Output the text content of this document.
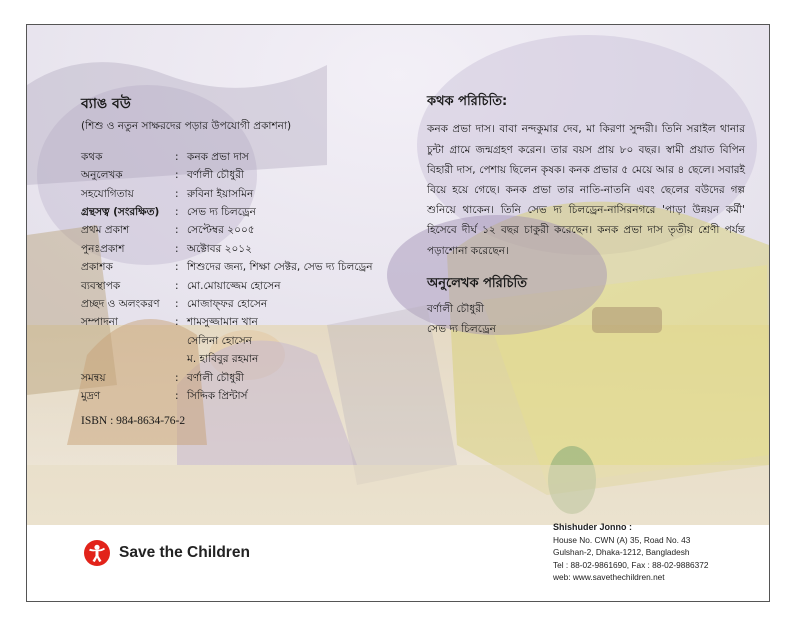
ব্যাঙ বউ
(শিশু ও নতুন সাক্ষরদের পড়ার উপযোগী প্রকাশনা)
কথক	: কনক প্রভা দাস
অনুলেখক	: বর্ণালী চৌধুরী
সহযোগিতায়	: রুবিনা ইয়াসমিন
গ্রন্থসত্ব (সংরক্ষিত)	: সেভ দ্য চিলড্রেন
প্রথম প্রকাশ	: সেপ্টেম্বর ২০০৫
পুনঃপ্রকাশ	: অক্টোবর ২০১২
প্রকাশক	: শিশুদের জন্য, শিক্ষা সেক্টর, সেভ দ্য চিলড্রেন
ব্যবস্থাপক	: মো.মোয়াজ্জেম হোসেন
প্রচ্ছদ ও অলংকরণ	: মোজাফ্ফর হোসেন
সম্পাদনা	: শামসুজ্জামান খান
সেলিনা হোসেন
ম. হাবিবুর রহমান
সমন্বয়	: বর্ণালী চৌধুরী
মুদ্রণ	: সিদ্দিক প্রিন্টার্স
ISBN : 984-8634-76-2
কথক পরিচিতি:
কনক প্রভা দাস। বাবা নন্দকুমার দেব, মা কিরণা সুন্দরী। তিনি সরাইল থানার চুন্টা গ্রামে জন্মগ্রহণ করেন। তার বয়স প্রায় ৮০ বছর। স্বামী প্রয়াত বিপিন বিহারী দাস, পেশায় ছিলেন কৃষক। কনক প্রভার ৫ মেয়ে আর ৪ ছেলে। সবারই বিয়ে হয়ে গেছে। কনক প্রভা তার নাতি-নাতনি এবং ছেলের বউদের গল্প শুনিয়ে থাকেন। তিনি সেভ দ্য চিলড্রেন-নাসিরনগরে 'পাড়া উন্নয়ন কর্মী' হিসেবে দীর্ঘ ১২ বছর চাকুরী করেছেন। কনক প্রভা দাস তৃতীয় শ্রেণী পর্যন্ত পড়াশোনা করেছেন।
অনুলেখক পরিচিতি
বর্ণালী চৌধুরী
সেভ দ্য চিলড্রেন
Save the Children
Shishuder Jonno :
House No. CWN (A) 35, Road No. 43
Gulshan-2, Dhaka-1212, Bangladesh
Tel : 88-02-9861690, Fax : 88-02-9886372
web: www.savethechildren.net
